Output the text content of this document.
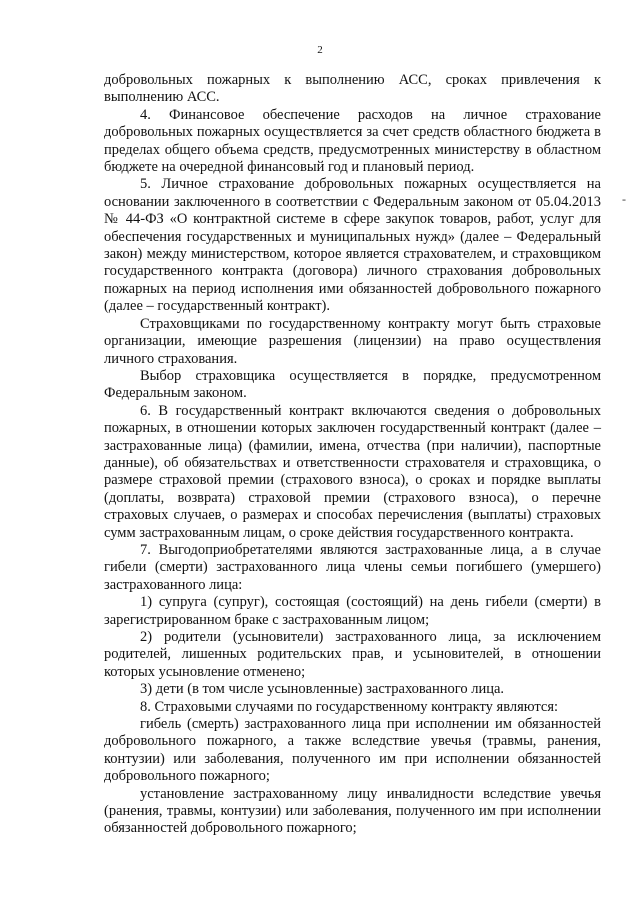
2
-

добровольных пожарных к выполнению АСС, сроках привлечения к выполнению АСС.

4. Финансовое обеспечение расходов на личное страхование добровольных пожарных осуществляется за счет средств областного бюджета в пределах общего объема средств, предусмотренных министерству в областном бюджете на очередной финансовый год и плановый период.

5. Личное страхование добровольных пожарных осуществляется на основании заключенного в соответствии с Федеральным законом от 05.04.2013 № 44-ФЗ «О контрактной системе в сфере закупок товаров, работ, услуг для обеспечения государственных и муниципальных нужд» (далее – Федеральный закон) между министерством, которое является страхователем, и страховщиком государственного контракта (договора) личного страхования добровольных пожарных на период исполнения ими обязанностей добровольного пожарного (далее – государственный контракт).

Страховщиками по государственному контракту могут быть страховые организации, имеющие разрешения (лицензии) на право осуществления личного страхования.

Выбор страховщика осуществляется в порядке, предусмотренном Федеральным законом.

6. В государственный контракт включаются сведения о добровольных пожарных, в отношении которых заключен государственный контракт (далее – застрахованные лица) (фамилии, имена, отчества (при наличии), паспортные данные), об обязательствах и ответственности страхователя и страховщика, о размере страховой премии (страхового взноса), о сроках и порядке выплаты (доплаты, возврата) страховой премии (страхового взноса), о перечне страховых случаев, о размерах и способах перечисления (выплаты) страховых сумм застрахованным лицам, о сроке действия государственного контракта.

7. Выгодоприобретателями являются застрахованные лица, а в случае гибели (смерти) застрахованного лица члены семьи погибшего (умершего) застрахованного лица:

1) супруга (супруг), состоящая (состоящий) на день гибели (смерти) в зарегистрированном браке с застрахованным лицом;

2) родители (усыновители) застрахованного лица, за исключением родителей, лишенных родительских прав, и усыновителей, в отношении которых усыновление отменено;

3) дети (в том числе усыновленные) застрахованного лица.

8. Страховыми случаями по государственному контракту являются:

гибель (смерть) застрахованного лица при исполнении им обязанностей добровольного пожарного, а также вследствие увечья (травмы, ранения, контузии) или заболевания, полученного им при исполнении обязанностей добровольного пожарного;

установление застрахованному лицу инвалидности вследствие увечья (ранения, травмы, контузии) или заболевания, полученного им при исполнении обязанностей добровольного пожарного;
